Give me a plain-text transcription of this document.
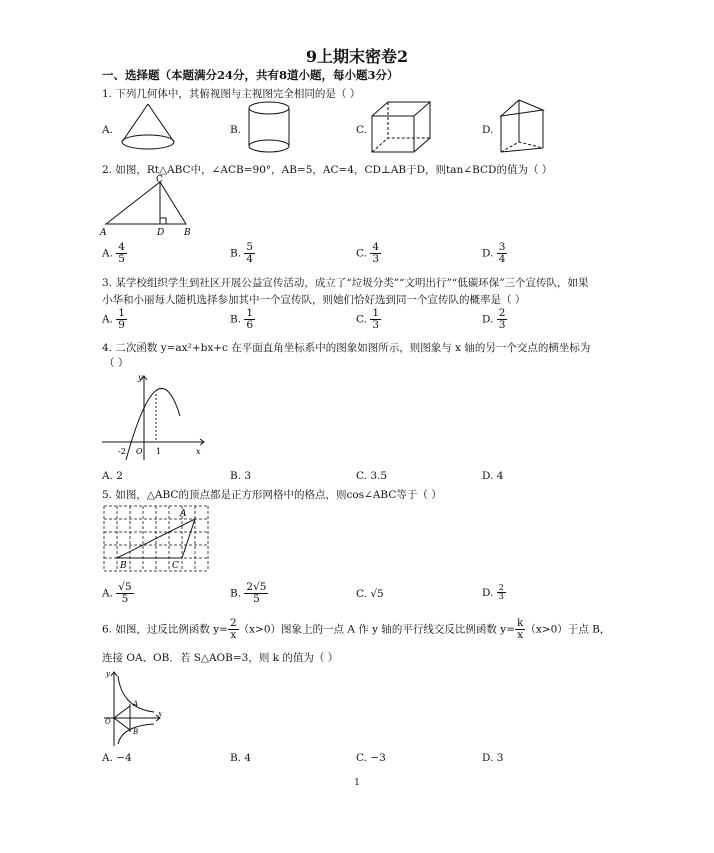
9上期末密卷2
一、选择题（本题满分24分，共有8道小题，每小题3分）
1. 下列几何体中，其俯视图与主视图完全相同的是（ ）
A.	B.	C.	D.
2. 如图，Rt△ABC中，∠ACB=90°，AB=5，AC=4，CD⊥AB于D，则tan∠BCD的值为（ ）
C
A	D B
A. $\frac{4}{5}$	B. $\frac{5}{4}$	C. $\frac{4}{3}$	D. $\frac{3}{4}$
3. 某学校组织学生到社区开展公益宣传活动，成立了“垃圾分类”“文明出行”“低碳环保”三个宣传队，如果
小华和小丽每人随机选择参加其中一个宣传队，则她们恰好选到同一个宣传队的概率是（ ）
A. $\frac{1}{9}$	B. $\frac{1}{6}$	C. $\frac{1}{3}$	D. $\frac{2}{3}$
4. 二次函数 y=ax²+bx+c 在平面直角坐标系中的图象如图所示，则图象与 x 轴的另一个交点的横坐标为
（ ）
y
x
O
-2	1
A. 2	B. 3	C. 3.5	D. 4
5. 如图，△ABC的顶点都是正方形网格中的格点，则cos∠ABC等于（ ）
A
B	C
A. $\frac{√5}{5}$	B. $\frac{2√5}{5}$	C. √5	D. $\frac{2}{3}$
6. 如图，过反比例函数 $y= \frac{2}{x} (x>0)$图象上的一点 A 作 y 轴的平行线交反比例函数 $y= \frac{k}{x} (x>0)$于点 B，
连接 OA、OB．若 S△AOB=3，则 k 的值为（ ）
y
x
O
A
B
A. −4	B. 4	C. −3	D. 3
1
